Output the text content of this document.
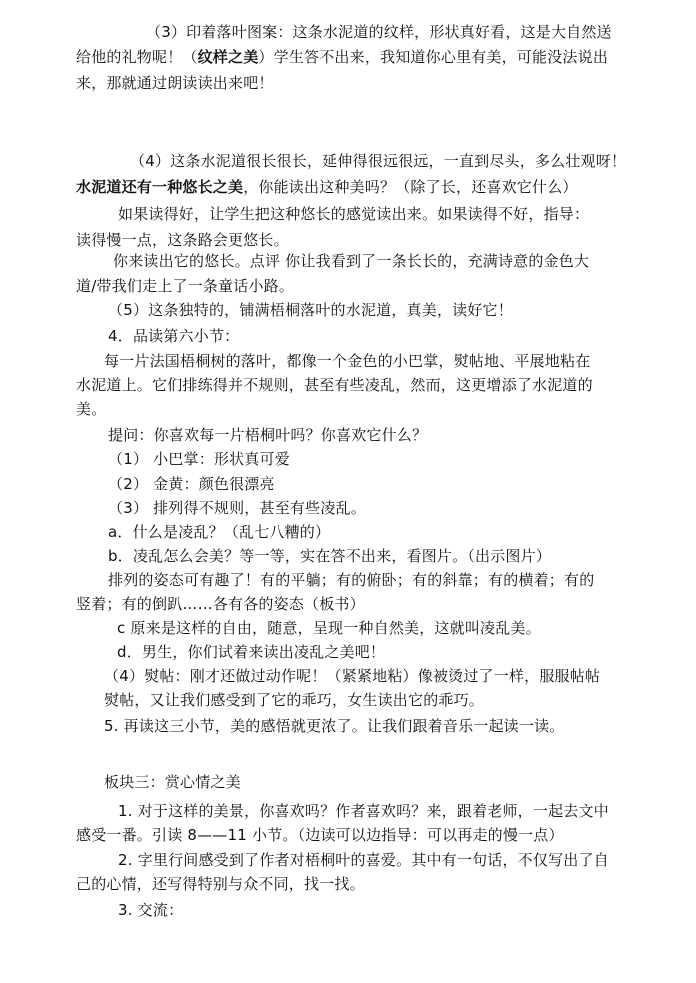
（3）印着落叶图案：这条水泥道的纹样，形状真好看，这是大自然送
给他的礼物呢！（纹样之美）学生答不出来，我知道你心里有美，可能没法说出
来，那就通过朗读读出来吧！
（4）这条水泥道很长很长，延伸得很远很远，一直到尽头，多么壮观呀！
水泥道还有一种悠长之美，你能读出这种美吗？（除了长，还喜欢它什么）
如果读得好，让学生把这种悠长的感觉读出来。如果读得不好，指导：
读得慢一点，这条路会更悠长。
你来读出它的悠长。点评 你让我看到了一条长长的，充满诗意的金色大
道/带我们走上了一条童话小路。
（5）这条独特的，铺满梧桐落叶的水泥道，真美，读好它！
4．品读第六小节：
每一片法国梧桐树的落叶，都像一个金色的小巴掌，熨帖地、平展地粘在
水泥道上。它们排练得并不规则，甚至有些凌乱，然而，这更增添了水泥道的
美。
提问：你喜欢每一片梧桐叶吗？你喜欢它什么？
（1） 小巴掌：形状真可爱
（2） 金黄：颜色很漂亮
（3） 排列得不规则，甚至有些凌乱。
a．什么是凌乱？（乱七八糟的）
b．凌乱怎么会美？等一等，实在答不出来，看图片。（出示图片）
排列的姿态可有趣了！有的平躺；有的俯卧；有的斜靠；有的横着；有的
竖着；有的倒趴……各有各的姿态（板书）
c 原来是这样的自由，随意，呈现一种自然美，这就叫凌乱美。
d．男生，你们试着来读出凌乱之美吧！
（4）熨帖：刚才还做过动作呢！（紧紧地粘）像被烫过了一样，服服帖帖
熨帖，又让我们感受到了它的乖巧，女生读出它的乖巧。
5. 再读这三小节，美的感悟就更浓了。让我们跟着音乐一起读一读。
板块三：赏心情之美
1. 对于这样的美景，你喜欢吗？作者喜欢吗？来，跟着老师，一起去文中
感受一番。引读 8——11 小节。（边读可以边指导：可以再走的慢一点）
2. 字里行间感受到了作者对梧桐叶的喜爱。其中有一句话，不仅写出了自
己的心情，还写得特别与众不同，找一找。
3. 交流：
